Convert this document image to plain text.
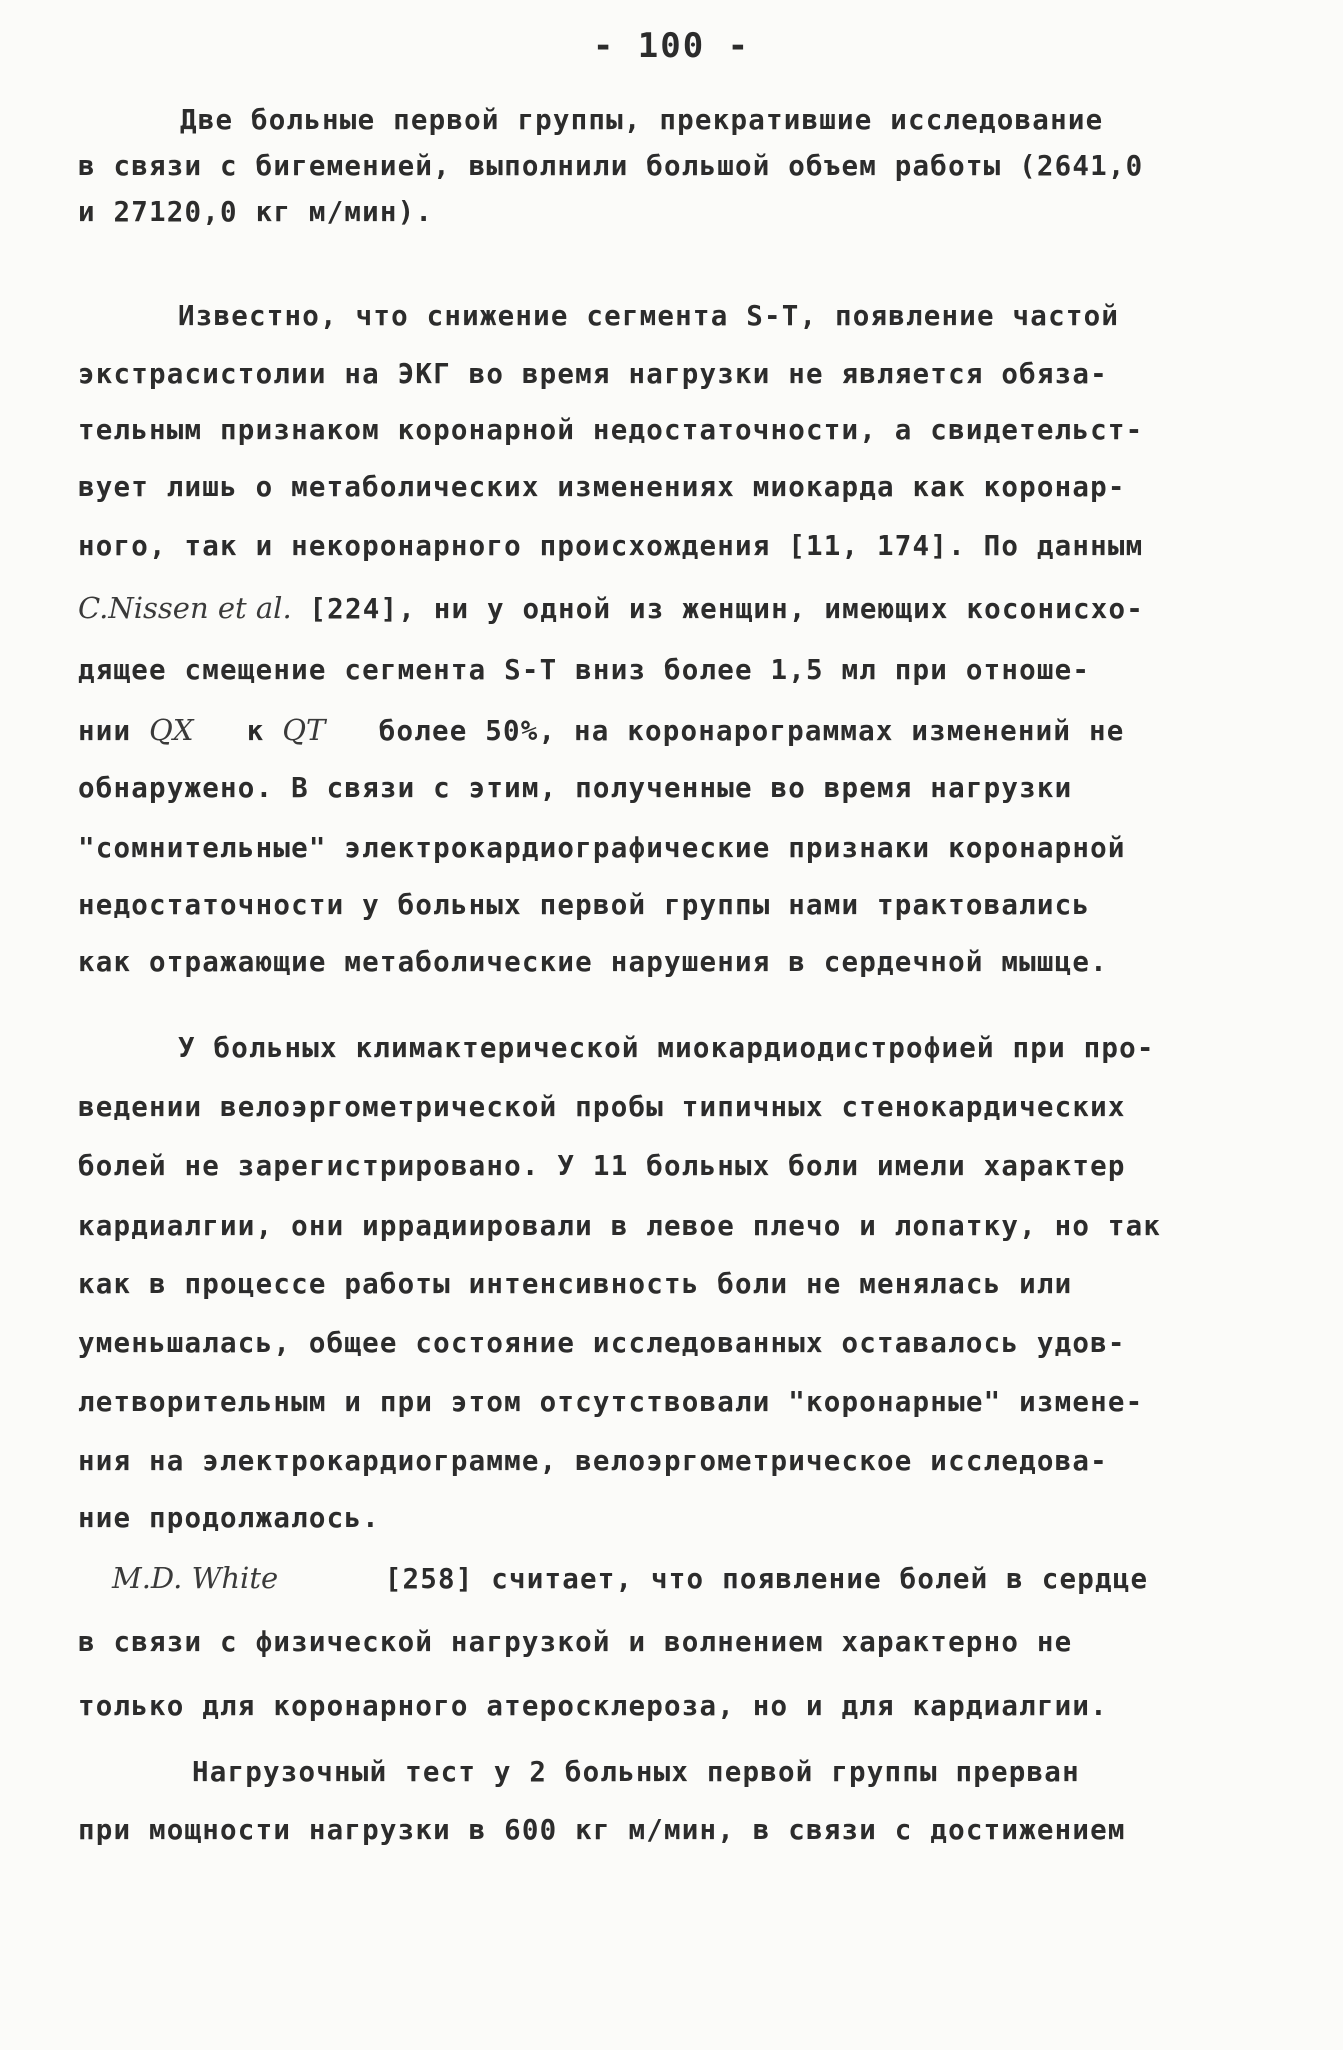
- 100 -

Две больные первой группы, прекратившие исследование

в связи с бигеменией, выполнили большой объем работы (2641,0

и 27120,0 кг м/мин).

Известно, что снижение сегмента S-T, появление частой

экстрасистолии на ЭКГ во время нагрузки не является обяза-

тельным признаком коронарной недостаточности, а свидетельст-

вует лишь о метаболических изменениях миокарда как коронар-

ного, так и некоронарного происхождения [11, 174]. По данным

C.Nissen et al. [224], ни у одной из женщин, имеющих косонисхо-

дящее смещение сегмента S-T вниз более 1,5 мл при отноше-

нии QX к QT более 50%, на коронарограммах изменений не

обнаружено. В связи с этим, полученные во время нагрузки

"сомнительные" электрокардиографические признаки коронарной

недостаточности у больных первой группы нами трактовались

как отражающие метаболические нарушения в сердечной мышце.

У больных климактерической миокардиодистрофией при про-

ведении велоэргометрической пробы типичных стенокардических

болей не зарегистрировано. У 11 больных боли имели характер

кардиалгии, они иррадиировали в левое плечо и лопатку, но так

как в процессе работы интенсивность боли не менялась или

уменьшалась, общее состояние исследованных оставалось удов-

летворительным и при этом отсутствовали "коронарные" измене-

ния на электрокардиограмме, велоэргометрическое исследова-

ние продолжалось.

M.D. White	[258] считает, что появление болей в сердце

в связи с физической нагрузкой и волнением характерно не

только для коронарного атеросклероза, но и для кардиалгии.

Нагрузочный тест у 2 больных первой группы прерван

при мощности нагрузки в 600 кг м/мин, в связи с достижением
